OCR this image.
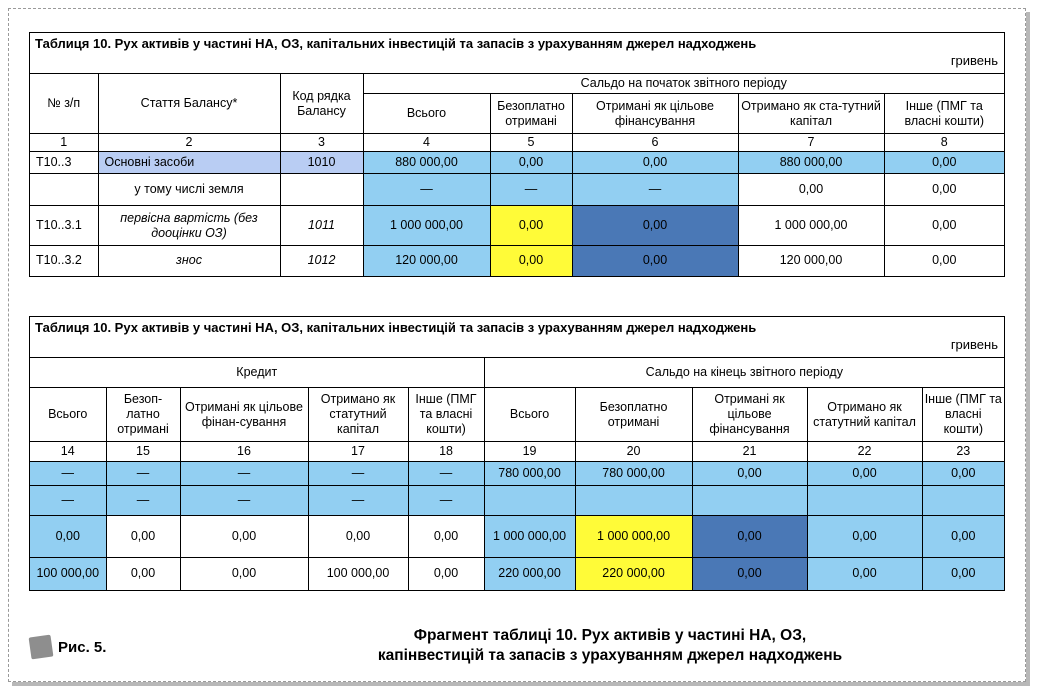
Таблиця 10. Рух активів у частині НА, ОЗ, капітальних інвестицій та запасів з урахуванням джерел надходжень
гривень
№ з/п	Стаття Балансу*	Код рядка Балансу	Сальдо на початок звітного періоду				
			Всього	Безоплатно отримані	Отримані як цільове фінансування	Отримано як ста-тутний капітал	Інше (ПМГ та власні кошти)
1	2	3	4	5	6	7	8
Т10..3	Основні засоби	1010	880 000,00	0,00	0,00	880 000,00	0,00
	у тому числі земля		—	—	—	0,00	0,00
Т10..3.1	первісна вартість (без дооцінки ОЗ)	1011	1 000 000,00	0,00	0,00	1 000 000,00	0,00
Т10..3.2	знос	1012	120 000,00	0,00	0,00	120 000,00	0,00
Таблиця 10. Рух активів у частині НА, ОЗ, капітальних інвестицій та запасів з урахуванням джерел надходжень
гривень
Кредит					Сальдо на кінець звітного періоду				
Всього	Безоп-латно отримані	Отримані як цільове фінан-сування	Отримано як статутний капітал	Інше (ПМГ та власні кошти)	Всього	Безоплатно отримані	Отримані як цільове фінансування	Отримано як статутний капітал	Інше (ПМГ та власні кошти)
14	15	16	17	18	19	20	21	22	23
—	—	—	—	—	780 000,00	780 000,00	0,00	0,00	0,00
—	—	—	—	—					
0,00	0,00	0,00	0,00	0,00	1 000 000,00	1 000 000,00	0,00	0,00	0,00
100 000,00	0,00	0,00	100 000,00	0,00	220 000,00	220 000,00	0,00	0,00	0,00
Рис. 5.
Фрагмент таблиці 10. Рух активів у частині НА, ОЗ,
капінвестицій та запасів з урахуванням джерел надходжень
